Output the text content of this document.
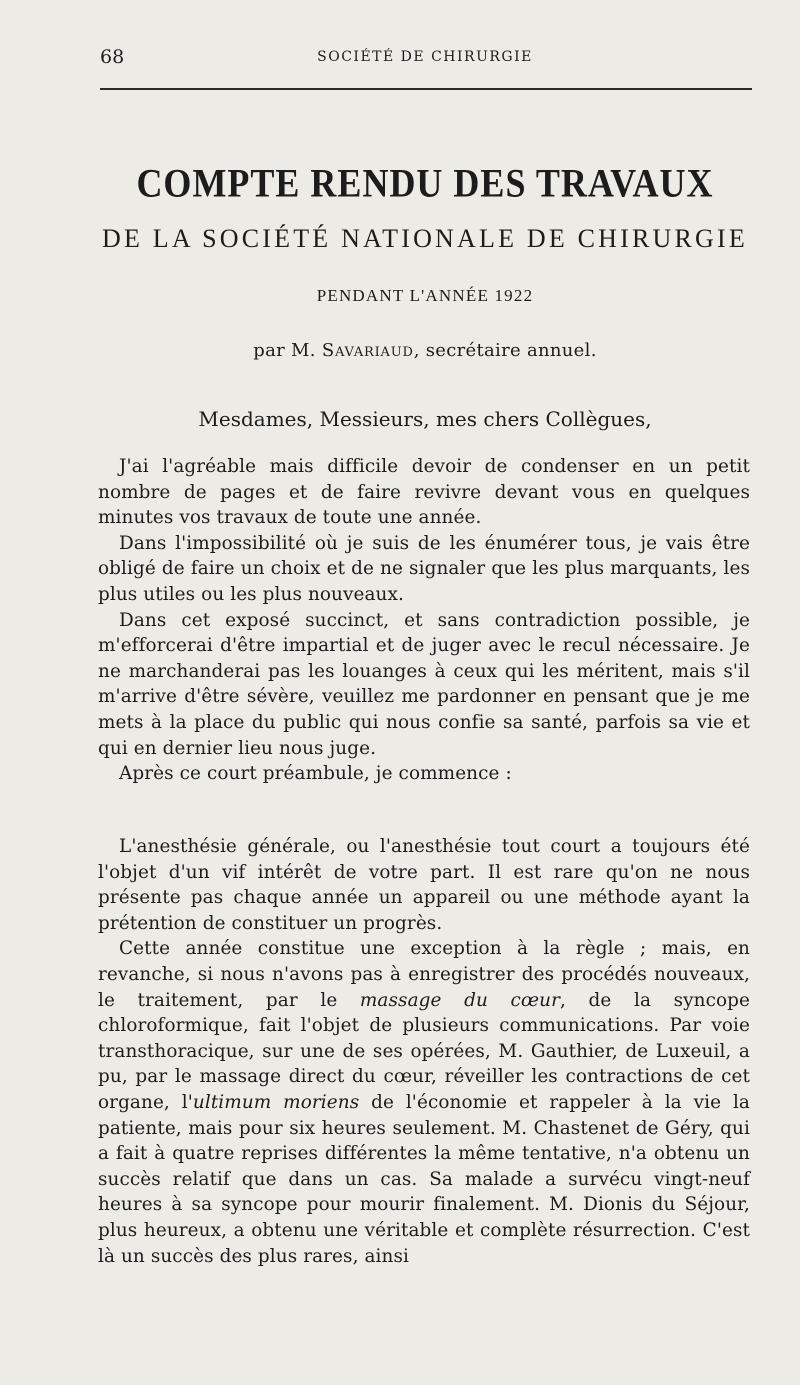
68	SOCIÉTÉ DE CHIRURGIE
COMPTE RENDU DES TRAVAUX
DE LA SOCIÉTÉ NATIONALE DE CHIRURGIE
PENDANT L'ANNÉE 1922
par M. Savariaud, secrétaire annuel.
Mesdames, Messieurs, mes chers Collègues,

J'ai l'agréable mais difficile devoir de condenser en un petit nombre de pages et de faire revivre devant vous en quelques minutes vos travaux de toute une année.

Dans l'impossibilité où je suis de les énumérer tous, je vais être obligé de faire un choix et de ne signaler que les plus marquants, les plus utiles ou les plus nouveaux.

Dans cet exposé succinct, et sans contradiction possible, je m'efforcerai d'être impartial et de juger avec le recul nécessaire. Je ne marchanderai pas les louanges à ceux qui les méritent, mais s'il m'arrive d'être sévère, veuillez me pardonner en pensant que je me mets à la place du public qui nous confie sa santé, parfois sa vie et qui en dernier lieu nous juge.

Après ce court préambule, je commence :

L'anesthésie générale, ou l'anesthésie tout court a toujours été l'objet d'un vif intérêt de votre part. Il est rare qu'on ne nous présente pas chaque année un appareil ou une méthode ayant la prétention de constituer un progrès.

Cette année constitue une exception à la règle ; mais, en revanche, si nous n'avons pas à enregistrer des procédés nouveaux, le traitement, par le massage du cœur, de la syncope chloroformique, fait l'objet de plusieurs communications. Par voie transthoracique, sur une de ses opérées, M. Gauthier, de Luxeuil, a pu, par le massage direct du cœur, réveiller les contractions de cet organe, l'ultimum moriens de l'économie et rappeler à la vie la patiente, mais pour six heures seulement. M. Chastenet de Géry, qui a fait à quatre reprises différentes la même tentative, n'a obtenu un succès relatif que dans un cas. Sa malade a survécu vingt-neuf heures à sa syncope pour mourir finalement. M. Dionis du Séjour, plus heureux, a obtenu une véritable et complète résurrection. C'est là un succès des plus rares, ainsi
